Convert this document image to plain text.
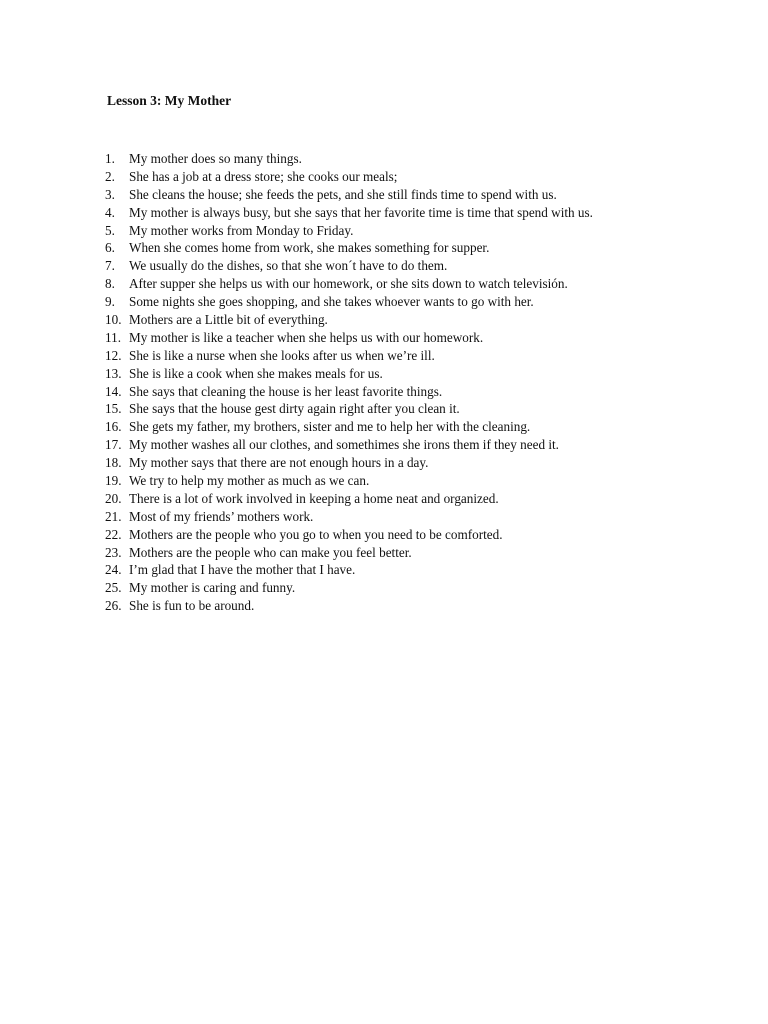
Lesson 3: My Mother
1.	My mother does so many things.
2.	She has a job at a dress store; she cooks our meals;
3.	She cleans the house; she feeds the pets, and she still finds time to spend with us.
4.	My mother is always busy, but she says that her favorite time is time that spend with us.
5.	My mother works from Monday to Friday.
6.	When she comes home from work, she makes something for supper.
7.	We usually do the dishes, so that she won´t have to do them.
8.	After supper she helps us with our homework, or she sits down to watch televisión.
9.	Some nights she goes shopping, and she takes whoever wants to go with her.
10. Mothers are a Little bit of everything.
11. My mother is like a teacher when she helps us with our homework.
12. She is like a nurse when she looks after us when we’re ill.
13. She is like a cook when she makes meals for us.
14. She says that cleaning the house is her least favorite things.
15. She says that the house gest dirty again right after you clean it.
16. She gets my father, my brothers, sister and me to help her with the cleaning.
17. My mother washes all our clothes, and somethimes she irons them if they need it.
18. My mother says that there are not enough hours in a day.
19. We try to help my mother as much as we can.
20. There is a lot of work involved in keeping a home neat and organized.
21. Most of my friends’ mothers work.
22. Mothers are the people who you go to when you need to be comforted.
23. Mothers are the people who can make you feel better.
24. I’m glad that I have the mother that I have.
25. My mother is caring and funny.
26. She is fun to be around.
